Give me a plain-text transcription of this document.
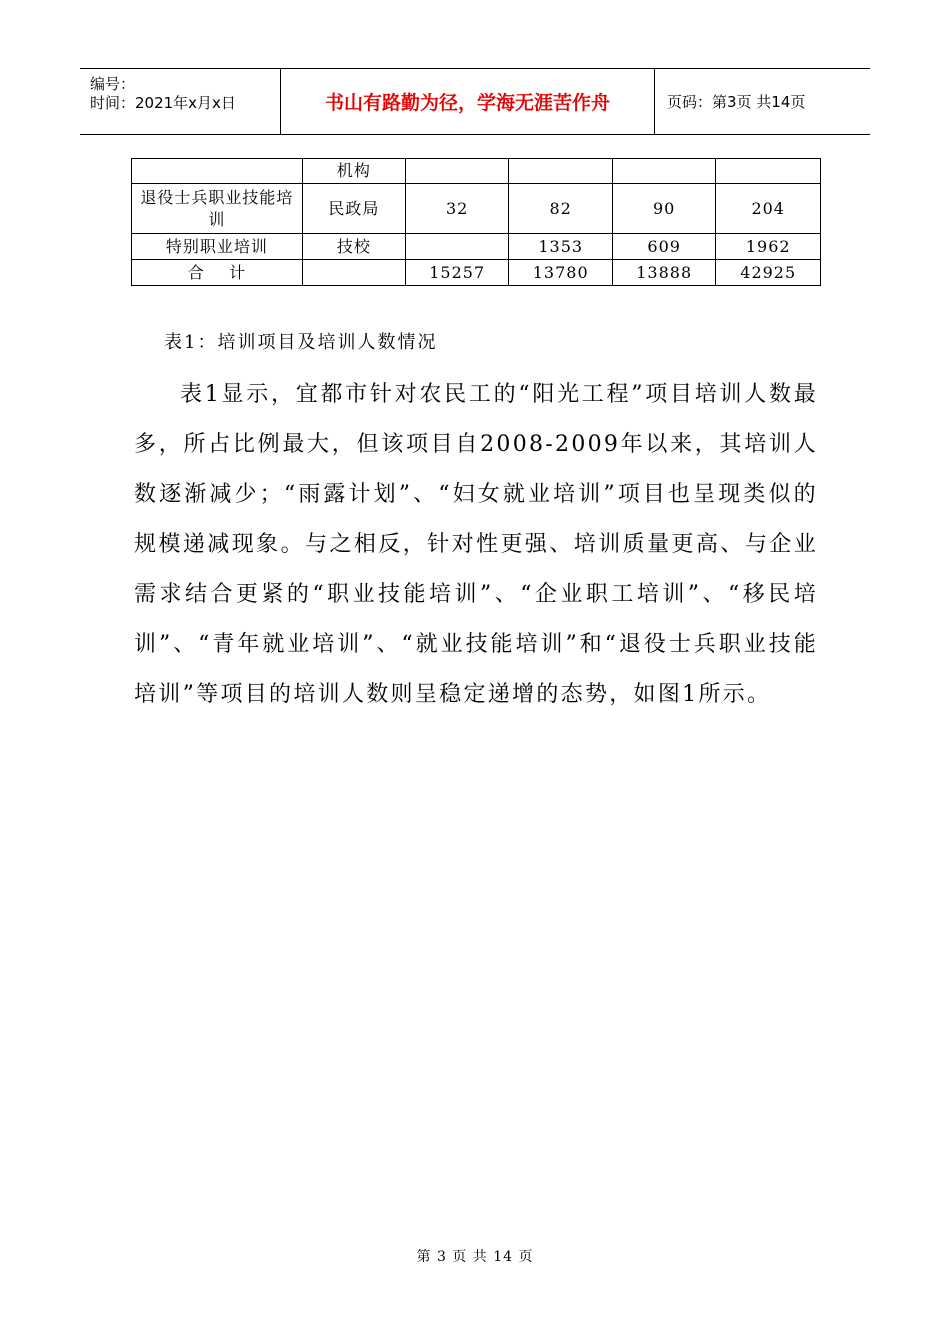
编号：
时间：2021年x月x日	书山有路勤为径，学海无涯苦作舟	页码：第3页 共14页
	机构				
退役士兵职业技能培训	民政局	32	82	90	204
特别职业培训	技校		1353	609	1962
合    计		15257	13780	13888	42925
表1：培训项目及培训人数情况

表1显示，宜都市针对农民工的“阳光工程”项目培训人数最多，所占比例最大，但该项目自2008-2009年以来，其培训人数逐渐减少；“雨露计划”、“妇女就业培训”项目也呈现类似的规模递减现象。与之相反，针对性更强、培训质量更高、与企业需求结合更紧的“职业技能培训”、“企业职工培训”、“移民培训”、“青年就业培训”、“就业技能培训”和“退役士兵职业技能培训”等项目的培训人数则呈稳定递增的态势，如图1所示。

第 3 页 共 14 页
